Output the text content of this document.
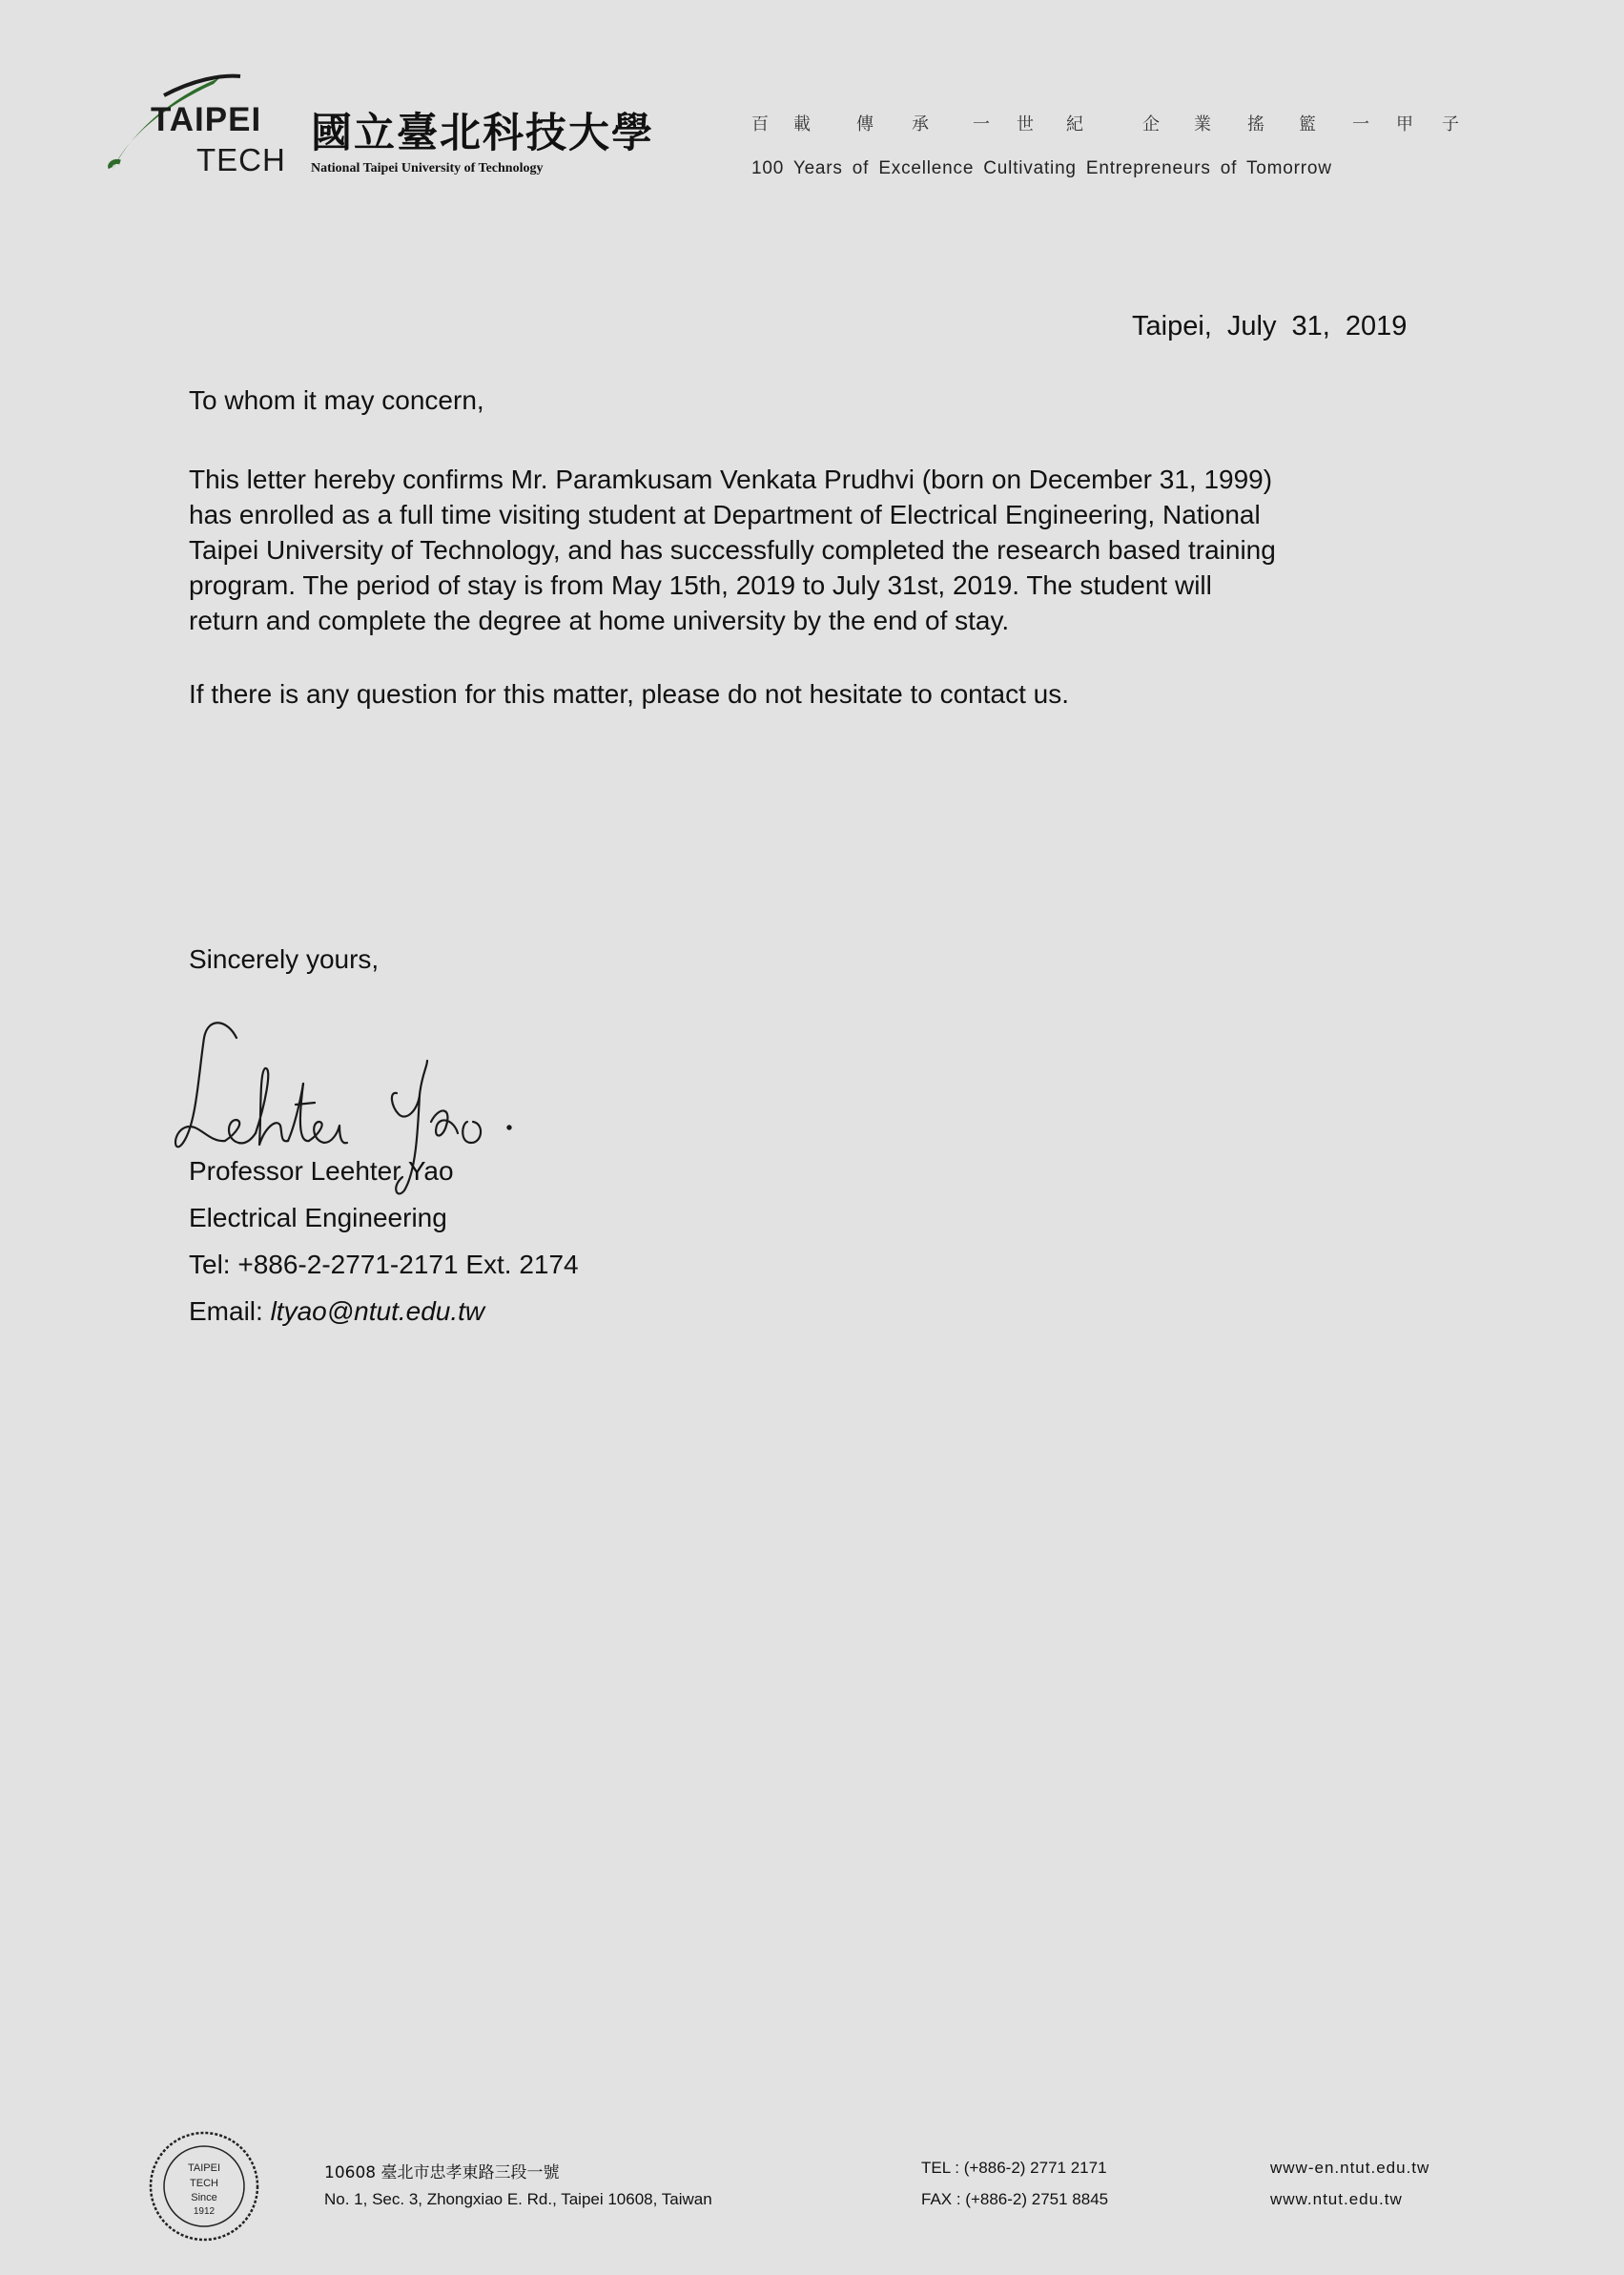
TAIPEI
TECH
國立臺北科技大學
National Taipei University of Technology
百 載	傳 承	一 世 紀	企 業 搖 籃 一 甲 子
100 Years of Excellence Cultivating Entrepreneurs of Tomorrow
Taipei, July 31, 2019
To whom it may concern,
This letter hereby confirms Mr. Paramkusam Venkata Prudhvi (born on December 31, 1999)
has enrolled as a full time visiting student at Department of Electrical Engineering, National
Taipei University of Technology, and has successfully completed the research based training
program. The period of stay is from May 15th, 2019 to July 31st, 2019. The student will
return and complete the degree at home university by the end of stay.
If there is any question for this matter, please do not hesitate to contact us.
Sincerely yours,
Professor Leehter Yao
Electrical Engineering
Tel: +886-2-2771-2171 Ext. 2174
Email: ltyao@ntut.edu.tw
TAIPEI
TECH
Since
1912
10608 臺北市忠孝東路三段一號
No. 1, Sec. 3, Zhongxiao E. Rd., Taipei 10608, Taiwan
TEL : (+886-2) 2771 2171
FAX : (+886-2) 2751 8845
www-en.ntut.edu.tw
www.ntut.edu.tw
